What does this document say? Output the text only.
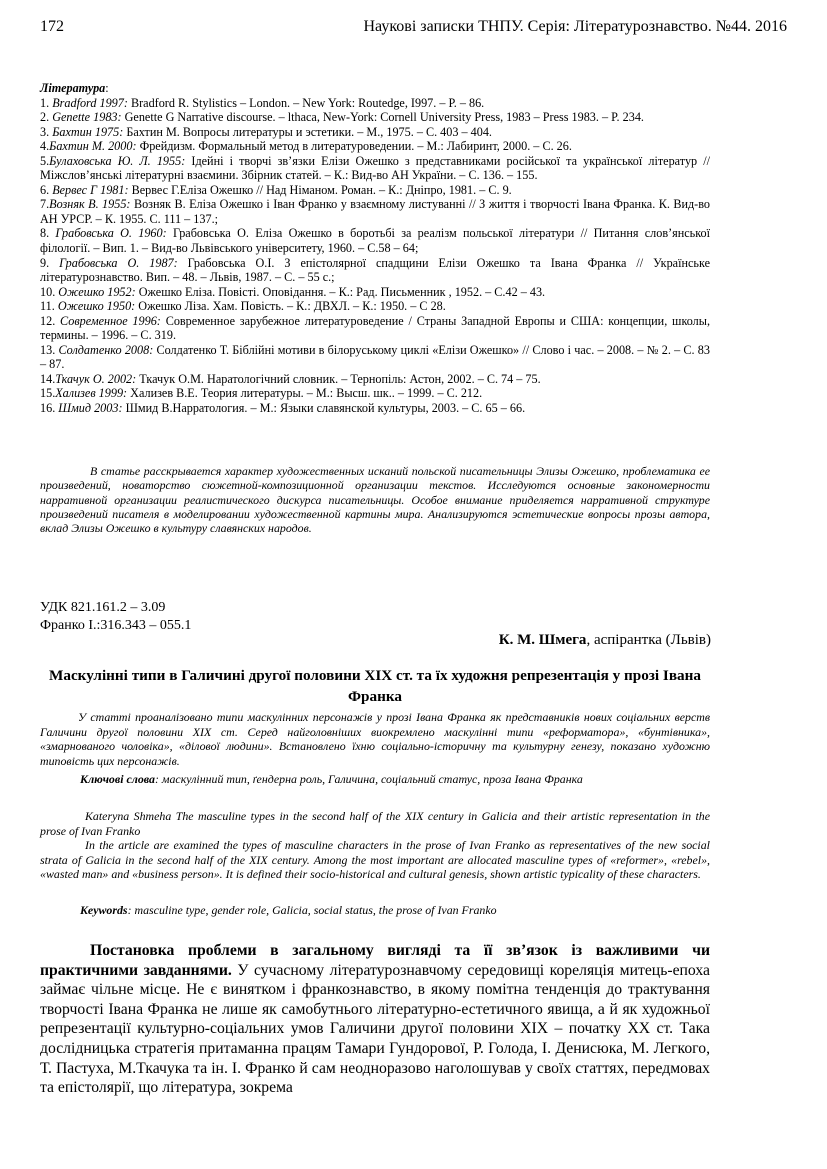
172	Наукові записки ТНПУ. Серія: Літературознавство. №44. 2016
Література:
1. Bradford 1997: Bradford R. Stylistics – London. – New York: Routedge, I997. – Р. – 86.
2. Genette 1983: Genette G Narrative discourse. – lthaca, New-York: Cornell University Press, 1983 – Press 1983. – P. 234.
3. Бахтин 1975: Бахтин М. Вопросы литературы и эстетики. – М., 1975. – С. 403 – 404.
4.Бахтин М. 2000: Фрейдизм. Формальный метод в литературоведении. – М.: Лабиринт, 2000. – С. 26.
5.Булаховська Ю. Л. 1955: Ідейні і творчі зв’язки Елізи Ожешко з представниками російської та української літератур // Міжслов’янські літературні взаємини. Збірник статей. – К.: Вид-во АН України. – С. 136. – 155.
6. Вервес Г 1981: Вервес Г.Еліза Ожешко // Над Німаном. Роман. – К.: Дніпро, 1981. – С. 9.
7.Возняк В. 1955: Возняк В. Еліза Ожешко і Іван Франко у взаємному листуванні // З життя і творчості Івана Франка. К. Вид-во АН УРСР. – К. 1955. С. 111 – 137.;
8. Грабовська О. 1960: Грабовська О. Еліза Ожешко в боротьбі за реалізм польської літератури // Питання слов’янської філології. – Вип. 1. – Вид-во Львівського університету, 1960. – С.58 – 64;
9. Грабовська О. 1987: Грабовська О.І. З епістолярної спадщини Елізи Ожешко та Івана Франка // Українське літературознавство. Вип. – 48. – Львів, 1987. – С. – 55 с.;
10. Ожешко 1952: Ожешко Еліза. Повісті. Оповідання. – К.: Рад. Письменник , 1952. – С.42 – 43.
11. Ожешко 1950: Ожешко Ліза. Хам. Повість. – К.: ДВХЛ. – К.: 1950. – С 28.
12. Современное 1996: Современное зарубежное литературоведение / Страны Западной Европы и США: концепции, школы, термины. – 1996. – С. 319.
13. Солдатенко 2008: Солдатенко Т. Біблійні мотиви в білоруському циклі «Елізи Ожешко» // Слово і час. – 2008. – № 2. – С. 83 – 87.
14.Ткачук О. 2002: Ткачук О.М. Наратологічний словник. – Тернопіль: Астон, 2002. – С. 74 – 75.
15.Хализев 1999: Хализев В.Е. Теория литературы. – М.: Высш. шк.. – 1999. – С. 212.
16. Шмид 2003: Шмид В.Нарратология. – М.: Языки славянской культуры, 2003. – С. 65 – 66.
В статье расскрывается характер художественных исканий польской писательницы Элизы Ожешко, проблематика ее произведений, новаторство сюжетной-композиционной организации текстов. Исследуются основные закономерности нарративной организации реалистического дискурса писательницы. Особое внимание приделяется нарративной структуре произведений писателя в моделировании художественной картины мира. Анализируются эстетические вопросы прозы автора, вклад Элизы Ожешко в культуру славянских народов.
УДК 821.161.2 – 3.09
Франко І.:316.343 – 055.1
К. М. Шмега, аспірантка (Львів)
Маскулінні типи в Галичині другої половини ХІХ ст. та їх художня репрезентація у прозі Івана Франка
У статті проаналізовано типи маскулінних персонажів у прозі Івана Франка як представників нових соціальних верств Галичини другої половини ХІХ ст. Серед найголовніших виокремлено маскулінні типи «реформатора», «бунтівника», «змарнованого чоловіка», «ділової людини». Встановлено їхню соціально-історичну та культурну генезу, показано художню типовість цих персонажів.
Ключові слова: маскулінний тип, ґендерна роль, Галичина, соціальний статус, проза Івана Франка

Kateryna Shmeha The masculine types in the second half of the XIX century in Galicia and their artistic representation in the prose of Ivan Franko

In the article are examined the types of masculine characters in the prose of Ivan Franko as representatives of the new social strata of Galicia in the second half of the XIX century. Among the most important are allocated masculine types of «reformer», «rebel», «wasted man» and «business person». It is defined their socio-historical and cultural genesis, shown artistic typicality of these characters.

Keywords: masculine type, gender role, Galicia, social status, the prose of Ivan Franko
Постановка проблеми в загальному вигляді та її зв’язок із важливими чи практичними завданнями. У сучасному літературознавчому середовищі кореляція митець-епоха займає чільне місце. Не є винятком і франкознавство, в якому помітна тенденція до трактування творчості Івана Франка не лише як самобутнього літературно-естетичного явища, а й як художньої репрезентації культурно-соціальних умов Галичини другої половини ХІХ – початку ХХ ст. Така дослідницька стратегія притаманна працям Тамари Гундорової, Р. Голода, І. Денисюка, М. Легкого, Т. Пастуха, М.Ткачука та ін. І. Франко й сам неодноразово наголошував у своїх статтях, передмовах та епістолярії, що література, зокрема
